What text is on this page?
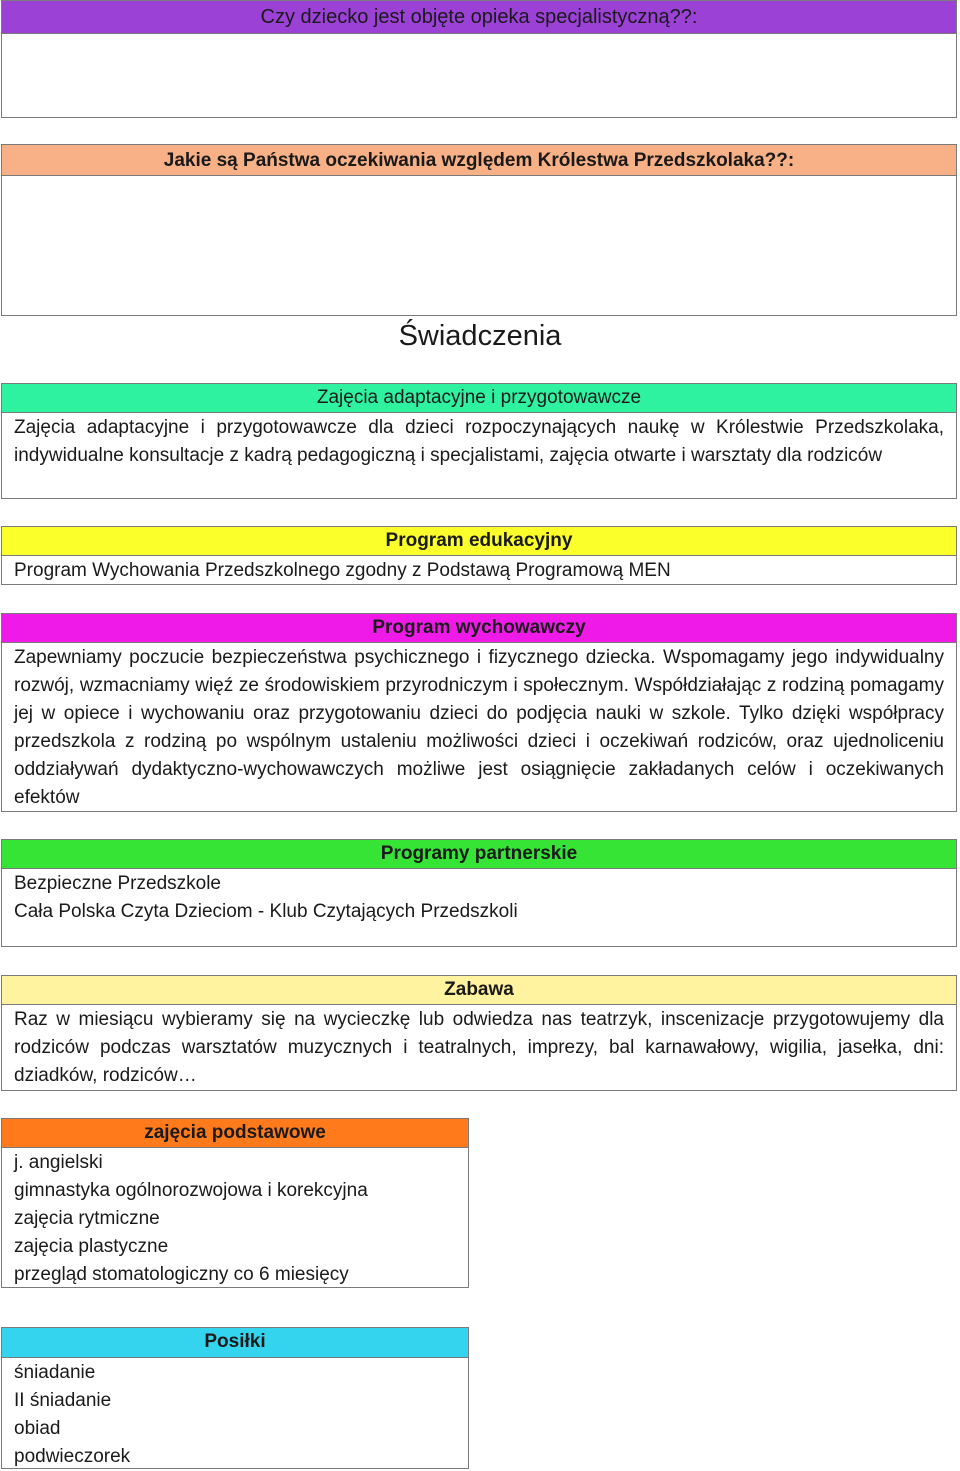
Czy dziecko jest objęte opieka specjalistyczną??:
Jakie są Państwa oczekiwania względem Królestwa Przedszkolaka??:
Świadczenia
Zajęcia adaptacyjne i przygotowawcze
Zajęcia adaptacyjne i przygotowawcze dla dzieci rozpoczynających naukę w Królestwie Przedszkolaka, indywidualne konsultacje z kadrą pedagogiczną i specjalistami, zajęcia otwarte i warsztaty dla rodziców
Program edukacyjny
Program Wychowania Przedszkolnego zgodny z Podstawą Programową MEN
Program wychowawczy
Zapewniamy poczucie bezpieczeństwa psychicznego i fizycznego dziecka. Wspomagamy jego indywidualny rozwój, wzmacniamy więź ze środowiskiem przyrodniczym i społecznym. Współdziałając z rodziną pomagamy jej w opiece i wychowaniu oraz przygotowaniu dzieci do podjęcia nauki w szkole. Tylko dzięki współpracy przedszkola z rodziną po wspólnym ustaleniu możliwości dzieci i oczekiwań rodziców, oraz ujednoliceniu oddziaływań dydaktyczno-wychowawczych możliwe jest osiągnięcie zakładanych celów i oczekiwanych efektów
Programy partnerskie
Bezpieczne Przedszkole
Cała Polska Czyta Dzieciom - Klub Czytających Przedszkoli
Zabawa
Raz w miesiącu wybieramy się na wycieczkę lub odwiedza nas teatrzyk, inscenizacje przygotowujemy dla rodziców podczas warsztatów muzycznych i teatralnych, imprezy, bal karnawałowy, wigilia, jasełka, dni: dziadków, rodziców…
zajęcia podstawowe
j. angielski
gimnastyka ogólnorozwojowa i korekcyjna
zajęcia rytmiczne
zajęcia plastyczne
przegląd stomatologiczny co 6 miesięcy
Posiłki
śniadanie
II śniadanie
obiad
podwieczorek
